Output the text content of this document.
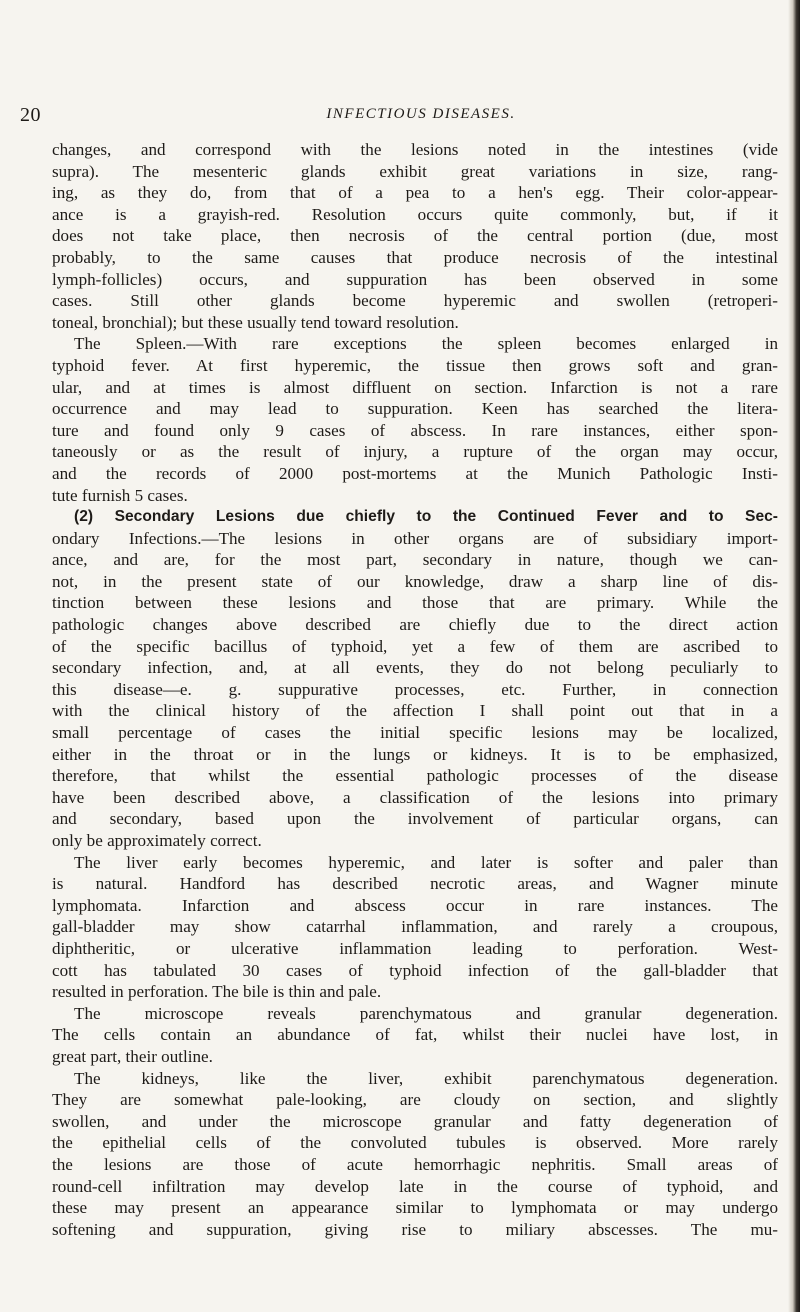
20	INFECTIOUS DISEASES.
changes, and correspond with the lesions noted in the intestines (vide
supra). The mesenteric glands exhibit great variations in size, rang-
ing, as they do, from that of a pea to a hen's egg. Their color-appear-
ance is a grayish-red. Resolution occurs quite commonly, but, if it
does not take place, then necrosis of the central portion (due, most
probably, to the same causes that produce necrosis of the intestinal
lymph-follicles) occurs, and suppuration has been observed in some
cases. Still other glands become hyperemic and swollen (retroperi-
toneal, bronchial); but these usually tend toward resolution.
The Spleen.—With rare exceptions the spleen becomes enlarged in
typhoid fever. At first hyperemic, the tissue then grows soft and gran-
ular, and at times is almost diffluent on section. Infarction is not a rare
occurrence and may lead to suppuration. Keen has searched the litera-
ture and found only 9 cases of abscess. In rare instances, either spon-
taneously or as the result of injury, a rupture of the organ may occur,
and the records of 2000 post-mortems at the Munich Pathologic Insti-
tute furnish 5 cases.
(2) Secondary Lesions due chiefly to the Continued Fever and to Sec-
ondary Infections.—The lesions in other organs are of subsidiary import-
ance, and are, for the most part, secondary in nature, though we can-
not, in the present state of our knowledge, draw a sharp line of dis-
tinction between these lesions and those that are primary. While the
pathologic changes above described are chiefly due to the direct action
of the specific bacillus of typhoid, yet a few of them are ascribed to
secondary infection, and, at all events, they do not belong peculiarly to
this disease—e. g. suppurative processes, etc. Further, in connection
with the clinical history of the affection I shall point out that in a
small percentage of cases the initial specific lesions may be localized,
either in the throat or in the lungs or kidneys. It is to be emphasized,
therefore, that whilst the essential pathologic processes of the disease
have been described above, a classification of the lesions into primary
and secondary, based upon the involvement of particular organs, can
only be approximately correct.
The liver early becomes hyperemic, and later is softer and paler than
is natural. Handford has described necrotic areas, and Wagner minute
lymphomata. Infarction and abscess occur in rare instances. The
gall-bladder may show catarrhal inflammation, and rarely a croupous,
diphtheritic, or ulcerative inflammation leading to perforation. West-
cott has tabulated 30 cases of typhoid infection of the gall-bladder that
resulted in perforation. The bile is thin and pale.
The microscope reveals parenchymatous and granular degeneration.
The cells contain an abundance of fat, whilst their nuclei have lost, in
great part, their outline.
The kidneys, like the liver, exhibit parenchymatous degeneration.
They are somewhat pale-looking, are cloudy on section, and slightly
swollen, and under the microscope granular and fatty degeneration of
the epithelial cells of the convoluted tubules is observed. More rarely
the lesions are those of acute hemorrhagic nephritis. Small areas of
round-cell infiltration may develop late in the course of typhoid, and
these may present an appearance similar to lymphomata or may undergo
softening and suppuration, giving rise to miliary abscesses. The mu-
